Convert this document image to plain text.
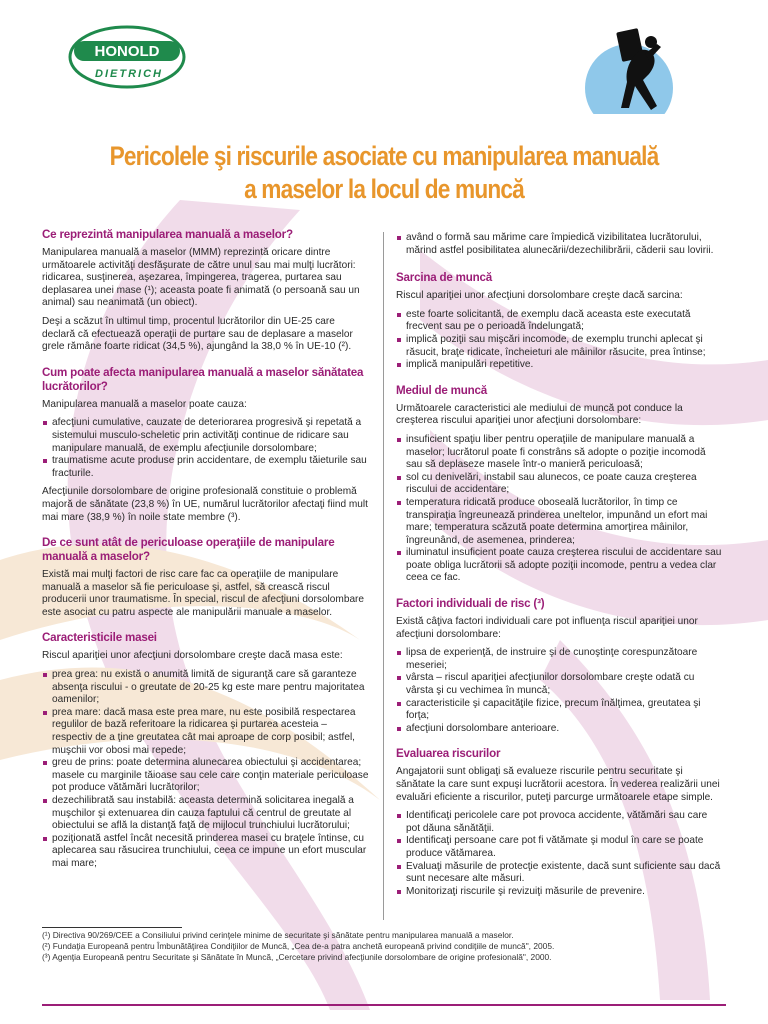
HONOLD
DIETRICH
Pericolele şi riscurile asociate cu manipularea manuală
a maselor la locul de muncă
Ce reprezintă manipularea manuală a maselor?

Manipularea manuală a maselor (MMM) reprezintă oricare dintre următoarele activităţi desfăşurate de către unul sau mai mulţi lucrători: ridicarea, susţinerea, aşezarea, împingerea, tragerea, purtarea sau deplasarea unei mase (¹); aceasta poate fi animată (o persoană sau un animal) sau neanimată (un obiect).

Deşi a scăzut în ultimul timp, procentul lucrătorilor din UE-25 care declară că efectuează operaţii de purtare sau de deplasare a maselor grele rămâne foarte ridicat (34,5 %), ajungând la 38,0 % în UE-10 (²).

Cum poate afecta manipularea manuală a maselor sănătatea lucrătorilor?

Manipularea manuală a maselor poate cauza:

afecţiuni cumulative, cauzate de deteriorarea progresivă şi repetată a sistemului musculo-scheletic prin activităţi continue de ridicare sau manipulare manuală, de exemplu afecţiunile dorsolombare;
traumatisme acute produse prin accidentare, de exemplu tăieturile sau fracturile.

Afecţiunile dorsolombare de origine profesională constituie o problemă majoră de sănătate (23,8 %) în UE, numărul lucrătorilor afectaţi fiind mult mai mare (38,9 %) în noile state membre (³).

De ce sunt atât de periculoase operaţiile de manipulare manuală a maselor?

Există mai mulţi factori de risc care fac ca operaţiile de manipulare manuală a maselor să fie periculoase şi, astfel, să crească riscul producerii unor traumatisme. În special, riscul de afecţiuni dorsolombare este asociat cu patru aspecte ale manipulării manuale a maselor.

Caracteristicile masei

Riscul apariţiei unor afecţiuni dorsolombare creşte dacă masa este:

prea grea: nu există o anumită limită de siguranţă care să garanteze absenţa riscului - o greutate de 20-25 kg este mare pentru majoritatea oamenilor;
prea mare: dacă masa este prea mare, nu este posibilă respectarea regulilor de bază referitoare la ridicarea şi purtarea acesteia – respectiv de a ţine greutatea cât mai aproape de corp posibil; astfel, muşchii vor obosi mai repede;
greu de prins: poate determina alunecarea obiectului şi accidentarea; masele cu marginile tăioase sau cele care conţin materiale periculoase pot produce vătămări lucrătorilor;
dezechilibrată sau instabilă: aceasta determină solicitarea inegală a muşchilor şi extenuarea din cauza faptului că centrul de greutate al obiectului se află la distanţă faţă de mijlocul trunchiului lucrătorului;
poziţionată astfel încât necesită prinderea masei cu braţele întinse, cu aplecarea sau răsucirea trunchiului, ceea ce impune un efort muscular mai mare;
având o formă sau mărime care împiedică vizibilitatea lucrătorului, mărind astfel posibilitatea alunecării/dezechilibrării, căderii sau lovirii.
Sarcina de muncă

Riscul apariţiei unor afecţiuni dorsolombare creşte dacă sarcina:

este foarte solicitantă, de exemplu dacă aceasta este executată frecvent sau pe o perioadă îndelungată;
implică poziţii sau mişcări incomode, de exemplu trunchi aplecat şi răsucit, braţe ridicate, încheieturi ale mâinilor răsucite, prea întinse;
implică manipulări repetitive.
Mediul de muncă

Următoarele caracteristici ale mediului de muncă pot conduce la creşterea riscului apariţiei unor afecţiuni dorsolombare:

insuficient spaţiu liber pentru operaţiile de manipulare manuală a maselor; lucrătorul poate fi constrâns să adopte o poziţie incomodă sau să deplaseze masele într-o manieră periculoasă;
sol cu denivelări, instabil sau alunecos, ce poate cauza creşterea riscului de accidentare;
temperatura ridicată produce oboseală lucrătorilor, în timp ce transpiraţia îngreunează prinderea uneltelor, impunând un efort mai mare; temperatura scăzută poate determina amorţirea mâinilor, îngreunând, de asemenea, prinderea;
iluminatul insuficient poate cauza creşterea riscului de accidentare sau poate obliga lucrătorii să adopte poziţii incomode, pentru a vedea clar ceea ce fac.
Factori individuali de risc (³)

Există câţiva factori individuali care pot influenţa riscul apariţiei unor afecţiuni dorsolombare:

lipsa de experienţă, de instruire şi de cunoştinţe corespunzătoare meseriei;
vârsta – riscul apariţiei afecţiunilor dorsolombare creşte odată cu vârsta şi cu vechimea în muncă;
caracteristicile şi capacităţile fizice, precum înălţimea, greutatea şi forţa;
afecţiuni dorsolombare anterioare.
Evaluarea riscurilor

Angajatorii sunt obligaţi să evalueze riscurile pentru securitate şi sănătate la care sunt expuşi lucrătorii acestora. În vederea realizării unei evaluări eficiente a riscurilor, puteţi parcurge următoarele etape simple.

Identificaţi pericolele care pot provoca accidente, vătămări sau care pot dăuna sănătăţii.
Identificaţi persoane care pot fi vătămate şi modul în care se poate produce vătămarea.
Evaluaţi măsurile de protecţie existente, dacă sunt suficiente sau dacă sunt necesare alte măsuri.
Monitorizaţi riscurile şi revizuiţi măsurile de prevenire.
(¹) Directiva 90/269/CEE a Consiliului privind cerinţele minime de securitate şi sănătate pentru manipularea manuală a maselor.
(²) Fundaţia Europeană pentru Îmbunătăţirea Condiţiilor de Muncă, „Cea de-a patra anchetă europeană privind condiţiile de muncă", 2005.
(³) Agenţia Europeană pentru Securitate şi Sănătate în Muncă, „Cercetare privind afecţiunile dorsolombare de origine profesională", 2000.
